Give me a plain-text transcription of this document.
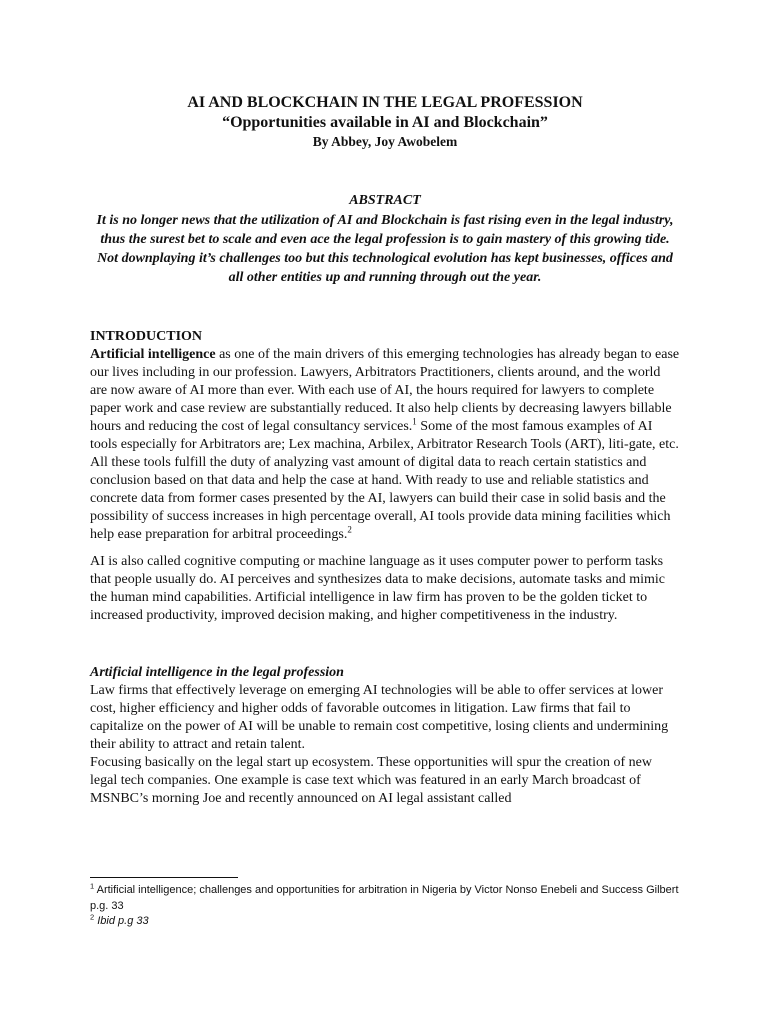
AI AND BLOCKCHAIN IN THE LEGAL PROFESSION

“Opportunities available in AI and Blockchain”

By Abbey, Joy Awobelem

ABSTRACT

It is no longer news that the utilization of AI and Blockchain is fast rising even in the legal industry, thus the surest bet to scale and even ace the legal profession is to gain mastery of this growing tide. Not downplaying it’s challenges too but this technological evolution has kept businesses, offices and all other entities up and running through out the year.

INTRODUCTION

Artificial intelligence as one of the main drivers of this emerging technologies has already began to ease our lives including in our profession. Lawyers, Arbitrators Practitioners, clients around, and the world are now aware of AI more than ever. With each use of AI, the hours required for lawyers to complete paper work and case review are substantially reduced. It also help clients by decreasing lawyers billable hours and reducing the cost of legal consultancy services.$^1$ Some of the most famous examples of AI tools especially for Arbitrators are; Lex machina, Arbilex, Arbitrator Research Tools (ART), liti-gate, etc. All these tools fulfill the duty of analyzing vast amount of digital data to reach certain statistics and conclusion based on that data and help the case at hand. With ready to use and reliable statistics and concrete data from former cases presented by the AI, lawyers can build their case in solid basis and the possibility of success increases in high percentage overall, AI tools provide data mining facilities which help ease preparation for arbitral proceedings.$^2$

AI is also called cognitive computing or machine language as it uses computer power to perform tasks that people usually do. AI perceives and synthesizes data to make decisions, automate tasks and mimic the human mind capabilities. Artificial intelligence in law firm has proven to be the golden ticket to increased productivity, improved decision making, and higher competitiveness in the industry.

Artificial intelligence in the legal profession

Law firms that effectively leverage on emerging AI technologies will be able to offer services at lower cost, higher efficiency and higher odds of favorable outcomes in litigation. Law firms that fail to capitalize on the power of AI will be unable to remain cost competitive, losing clients and undermining their ability to attract and retain talent.

Focusing basically on the legal start up ecosystem. These opportunities will spur the creation of new legal tech companies. One example is case text which was featured in an early March broadcast of MSNBC’s morning Joe and recently announced on AI legal assistant called

$^1$ Artificial intelligence; challenges and opportunities for arbitration in Nigeria by Victor Nonso Enebeli and Success Gilbert p.g. 33
$^2$ Ibid p.g 33
